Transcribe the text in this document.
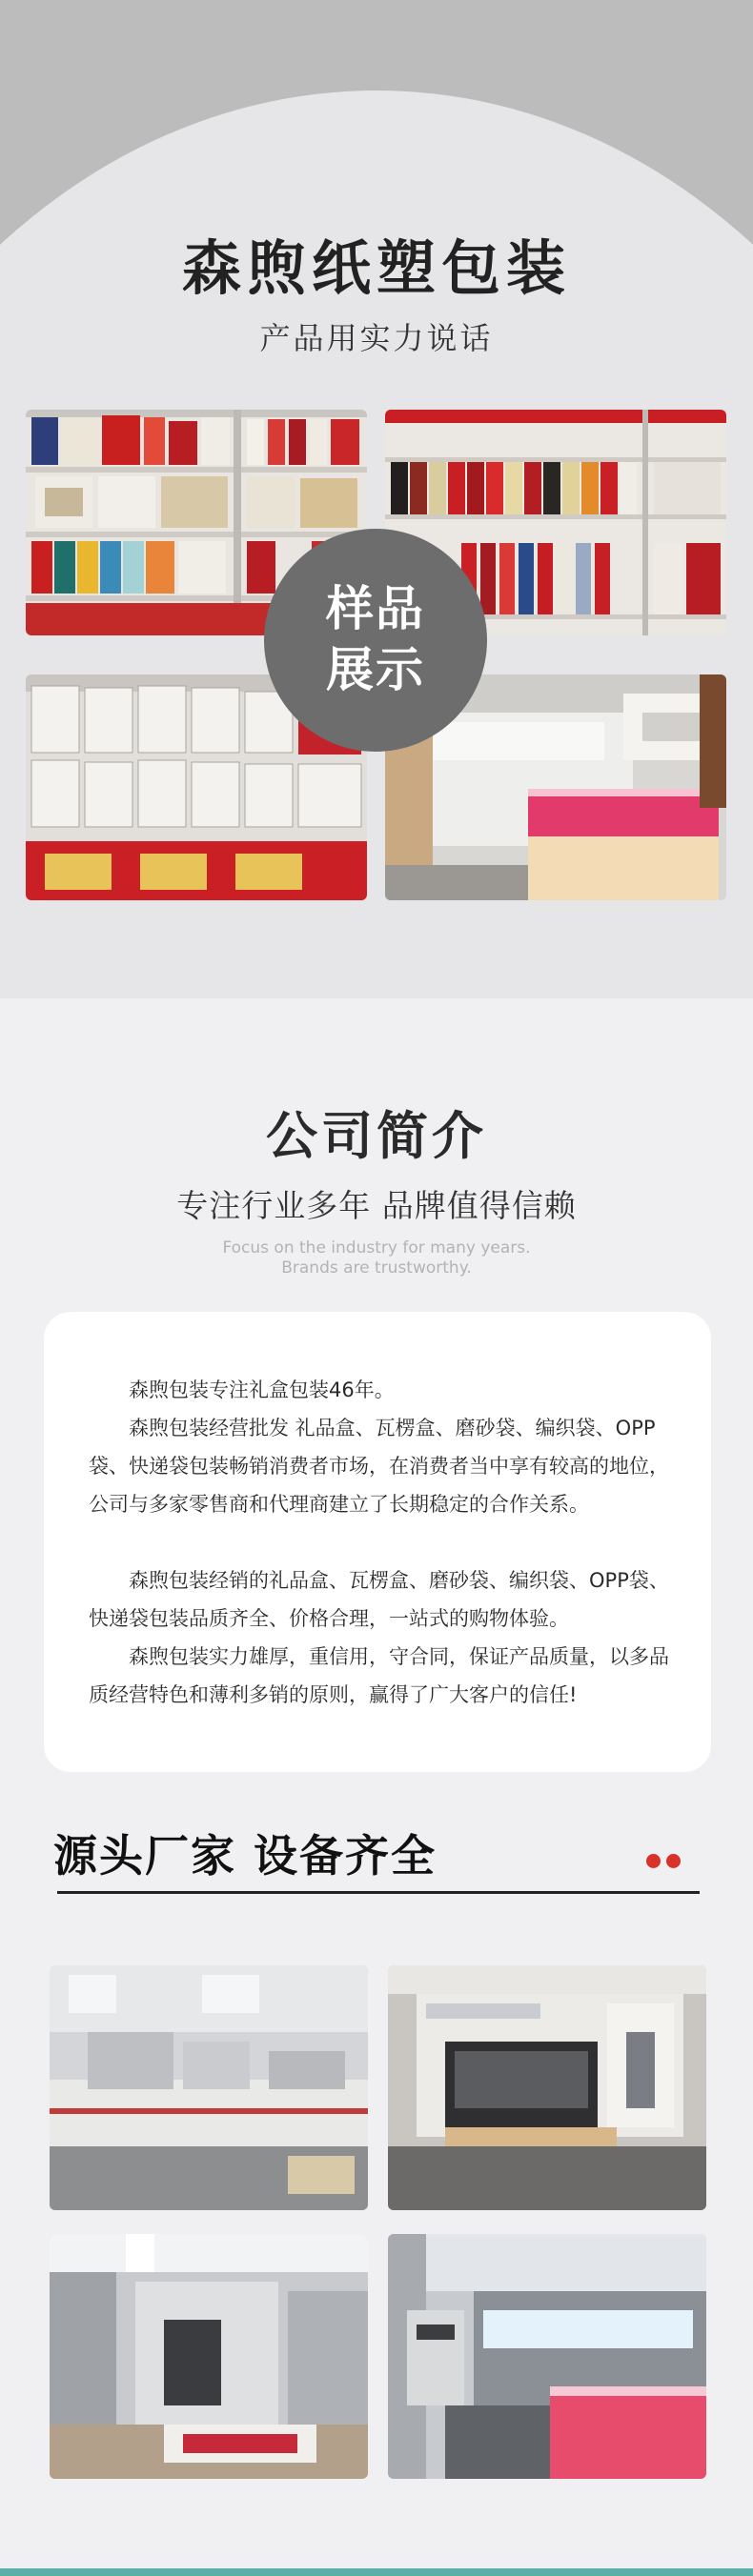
森煦纸塑包装
产品用实力说话
样品
展示
公司简介
专注行业多年 品牌值得信赖
Focus on the industry for many years.
Brands are trustworthy.

森煦包装专注礼盒包装46年。

森煦包装经营批发 礼品盒、瓦楞盒、磨砂袋、编织袋、OPP袋、快递袋包装畅销消费者市场，在消费者当中享有较高的地位，公司与多家零售商和代理商建立了长期稳定的合作关系。

森煦包装经销的礼品盒、瓦楞盒、磨砂袋、编织袋、OPP袋、快递袋包装品质齐全、价格合理，一站式的购物体验。

森煦包装实力雄厚，重信用，守合同，保证产品质量，以多品质经营特色和薄利多销的原则，赢得了广大客户的信任!

源头厂家 设备齐全
